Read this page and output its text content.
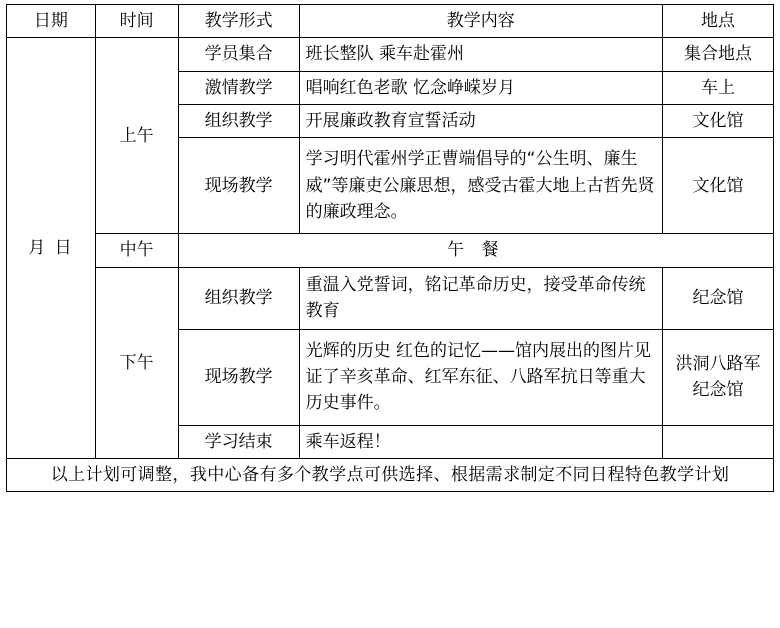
日期	时间	教学形式	教学内容	地点
月 日	上午	学员集合	班长整队 乘车赴霍州	集合地点
		激情教学	唱响红色老歌 忆念峥嵘岁月	车上
		组织教学	开展廉政教育宣誓活动	文化馆
		现场教学	学习明代霍州学正曹端倡导的“公生明、廉生威”等廉吏公廉思想，感受古霍大地上古哲先贤的廉政理念。	文化馆
	中午	午 餐		
	下午	组织教学	重温入党誓词，铭记革命历史，接受革命传统教育	纪念馆
		现场教学	光辉的历史 红色的记忆——馆内展出的图片见证了辛亥革命、红军东征、八路军抗日等重大历史事件。	洪洞八路军纪念馆
		学习结束	乘车返程！	
以上计划可调整，我中心备有多个教学点可供选择、根据需求制定不同日程特色教学计划				
